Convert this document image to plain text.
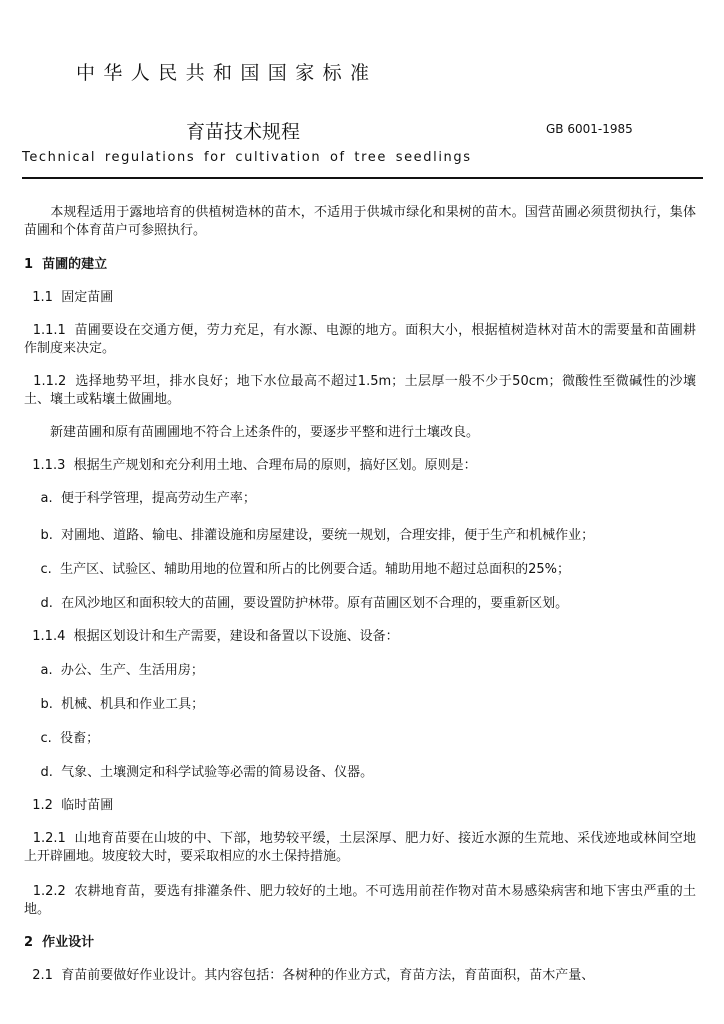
中华人民共和国国家标准
育苗技术规程	GB 6001-1985
Technical regulations for cultivation of tree seedlings
　　本规程适用于露地培育的供植树造林的苗木，不适用于供城市绿化和果树的苗木。国营苗圃必须贯彻执行，集体苗圃和个体育苗户可参照执行。
1  苗圃的建立
1.1  固定苗圃
1.1.1  苗圃要设在交通方便，劳力充足，有水源、电源的地方。面积大小，根据植树造林对苗木的需要量和苗圃耕作制度来决定。
1.1.2  选择地势平坦，排水良好；地下水位最高不超过1.5m；土层厚一般不少于50cm；微酸性至微碱性的沙壤土、壤土或粘壤土做圃地。
　　新建苗圃和原有苗圃圃地不符合上述条件的，要逐步平整和进行土壤改良。
1.1.3  根据生产规划和充分利用土地、合理布局的原则，搞好区划。原则是：
a.  便于科学管理，提高劳动生产率；
b.  对圃地、道路、输电、排灌设施和房屋建设，要统一规划，合理安排，便于生产和机械作业；
c.  生产区、试验区、辅助用地的位置和所占的比例要合适。辅助用地不超过总面积的25%；
d.  在风沙地区和面积较大的苗圃，要设置防护林带。原有苗圃区划不合理的，要重新区划。
1.1.4  根据区划设计和生产需要，建设和备置以下设施、设备：
a.  办公、生产、生活用房；
b.  机械、机具和作业工具；
c.  役畜；
d.  气象、土壤测定和科学试验等必需的简易设备、仪器。
1.2  临时苗圃
1.2.1  山地育苗要在山坡的中、下部，地势较平缓，土层深厚、肥力好、接近水源的生荒地、采伐迹地或林间空地上开辟圃地。坡度较大时，要采取相应的水土保持措施。
1.2.2  农耕地育苗，要选有排灌条件、肥力较好的土地。不可选用前茬作物对苗木易感染病害和地下害虫严重的土地。
2  作业设计
2.1  育苗前要做好作业设计。其内容包括：各树种的作业方式，育苗方法，育苗面积，苗木产量、
